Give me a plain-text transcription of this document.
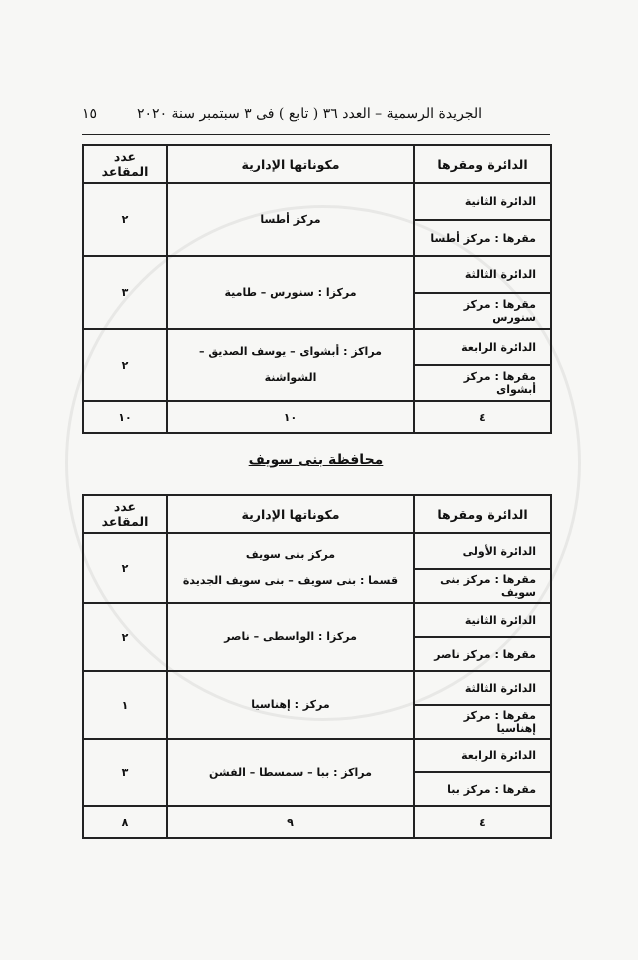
١٥	الجريدة الرسمية – العدد ٣٦ ( تابع ) فى ٣ سبتمبر سنة ٢٠٢٠
الدائرة ومقرها	مكوناتها الإدارية	عدد المقاعد
الدائرة الثانية	مركز أطسا	٢
مقرها : مركز أطسا		
الدائرة الثالثة	مركزا : سنورس – طامية	٣
مقرها : مركز سنورس		
الدائرة الرابعة	مراكز : أبشواى – يوسف الصديق –
الشواشنة	٢
مقرها : مركز أبشواى		
٤	١٠	١٠
محافظة بنى سويف
الدائرة ومقرها	مكوناتها الإدارية	عدد المقاعد
الدائرة الأولى	مركز بنى سويف
قسما : بنى سويف – بنى سويف الجديدة	٢
مقرها : مركز بنى سويف		
الدائرة الثانية	مركزا : الواسطى – ناصر	٢
مقرها : مركز ناصر		
الدائرة الثالثة	مركز : إهناسيا	١
مقرها : مركز إهناسيا		
الدائرة الرابعة	مراكز : ببا – سمسطا – الفشن	٣
مقرها : مركز ببا		
٤	٩	٨
